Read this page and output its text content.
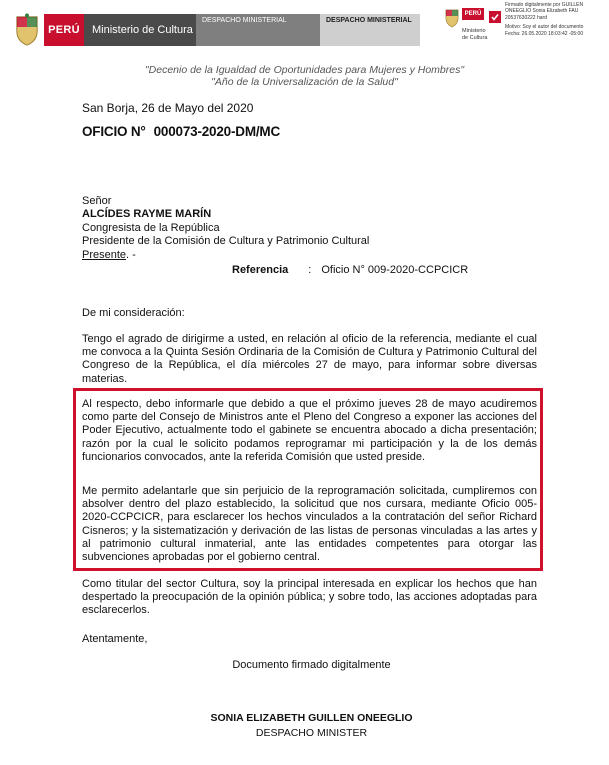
PERÚ	Ministerio de Cultura
DESPACHO MINISTERIAL	DESPACHO MINISTERIAL
PERÚ
Ministerio
de Cultura
Firmado digitalmente por GUILLEN
ONEEGLIO Sonia Elizabeth FAU
20537630222 hard
Motivo: Soy el autor del documento
Fecha: 26.05.2020 18:03:42 -05:00
"Decenio de la Igualdad de Oportunidades para Mujeres y Hombres"
"Año de la Universalización de la Salud"
San Borja, 26 de Mayo del 2020
OFICIO N° 000073-2020-DM/MC
Señor
ALCÍDES RAYME MARÍN
Congresista de la República
Presidente de la Comisión de Cultura y Patrimonio Cultural
Presente. -
Referencia : Oficio N° 009-2020-CCPCICR
De mi consideración:
Tengo el agrado de dirigirme a usted, en relación al oficio de la referencia, mediante el cual me convoca a la Quinta Sesión Ordinaria de la Comisión de Cultura y Patrimonio Cultural del Congreso de la República, el día miércoles 27 de mayo, para informar sobre diversas materias.
Al respecto, debo informarle que debido a que el próximo jueves 28 de mayo acudiremos como parte del Consejo de Ministros ante el Pleno del Congreso a exponer las acciones del Poder Ejecutivo, actualmente todo el gabinete se encuentra abocado a dicha presentación; razón por la cual le solicito podamos reprogramar mi participación y la de los demás funcionarios convocados, ante la referida Comisión que usted preside.
Me permito adelantarle que sin perjuicio de la reprogramación solicitada, cumpliremos con absolver dentro del plazo establecido, la solicitud que nos cursara, mediante Oficio 005-2020-CCPCICR, para esclarecer los hechos vinculados a la contratación del señor Richard Cisneros; y la sistematización y derivación de las listas de personas vinculadas a las artes y al patrimonio cultural inmaterial, ante las entidades competentes para otorgar las subvenciones aprobadas por el gobierno central.
Como titular del sector Cultura, soy la principal interesada en explicar los hechos que han despertado la preocupación de la opinión pública; y sobre todo, las acciones adoptadas para esclarecerlos.
Atentamente,
Documento firmado digitalmente
SONIA ELIZABETH GUILLEN ONEEGLIO
DESPACHO MINISTER
